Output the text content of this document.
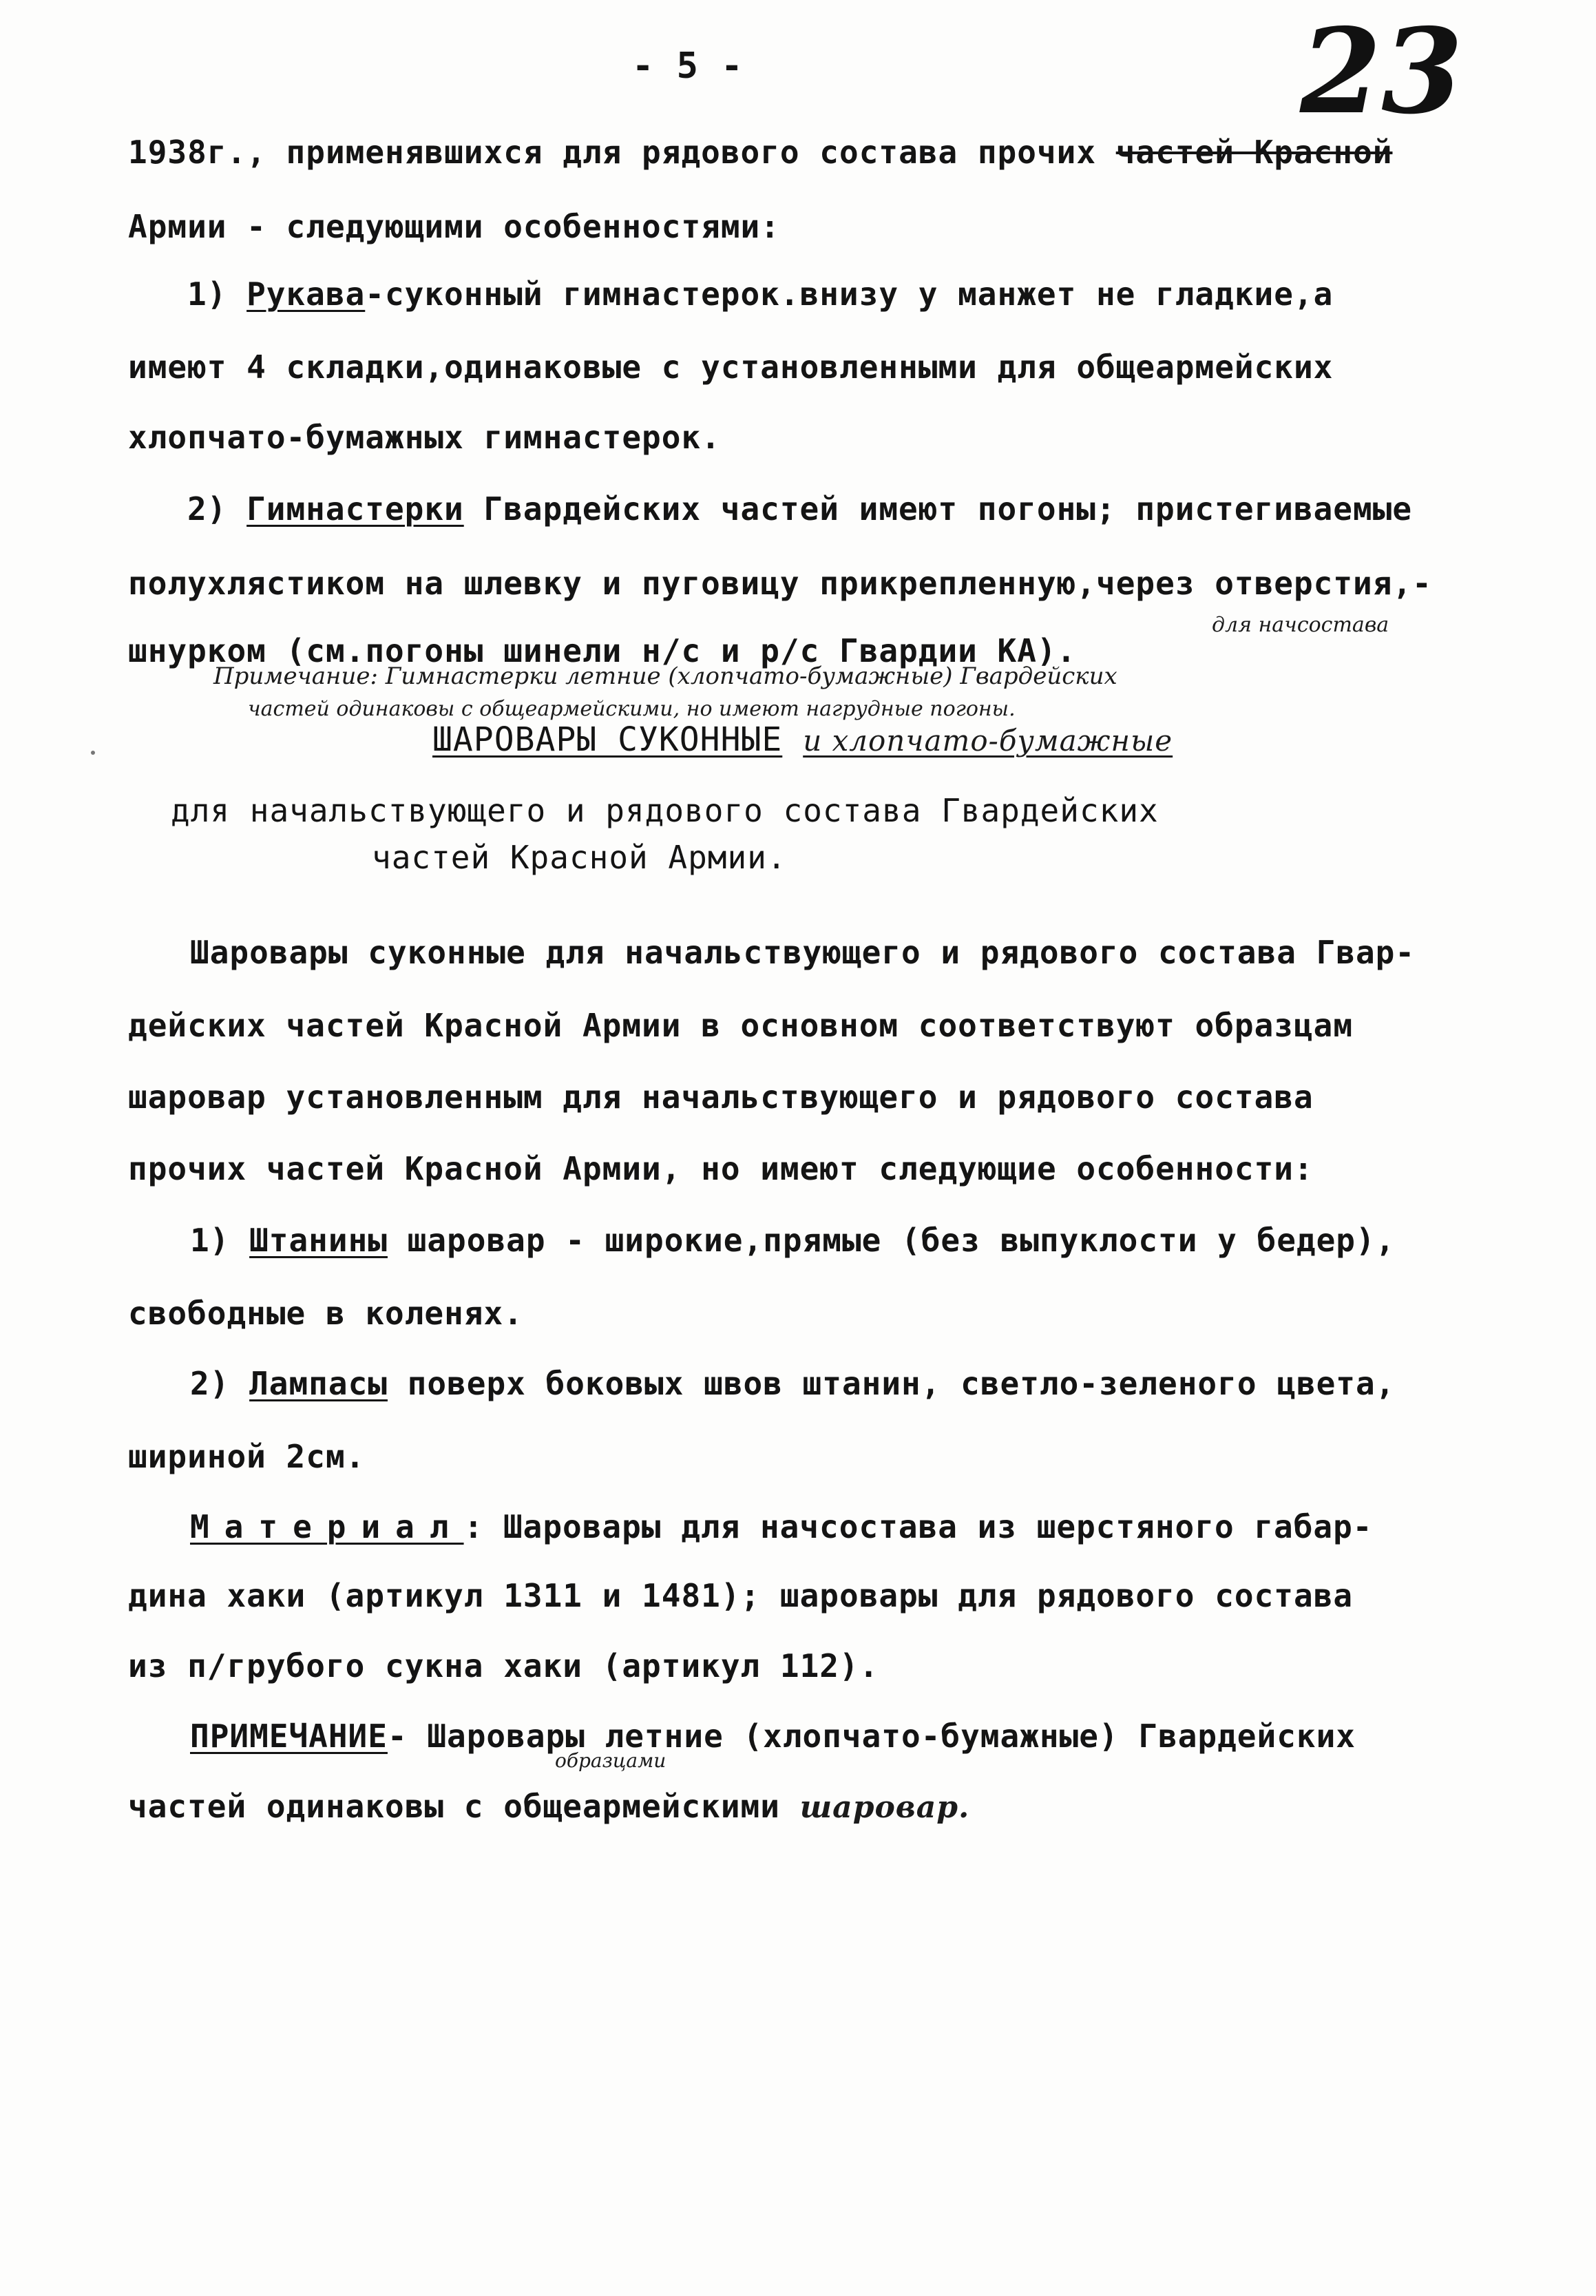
- 5 -	23
1938г., применявшихся для рядового состава прочих частей Красной
Армии - следующими особенностями:
1) Рукава-суконный гимнастерок.внизу у манжет не гладкие,а
имеют 4 складки,одинаковые с установленными для общеармейских
хлопчато-бумажных гимнастерок.
2) Гимнастерки Гвардейских частей имеют погоны; пристегиваемые
полухлястиком на шлевку и пуговицу прикрепленную,через отверстия,-
шнурком (см.погоны шинели н/с и р/с Гвардии КА).
для начсостава
Примечание: Гимнастерки летние (хлопчато-бумажные) Гвардейских
частей одинаковы с общеармейскими, но имеют нагрудные погоны.
ШАРОВАРЫ СУКОННЫЕ и хлопчато-бумажные
для начальствующего и рядового состава Гвардейских
частей Красной Армии.
Шаровары суконные для начальствующего и рядового состава Гвар-
дейских частей Красной Армии в основном соответствуют образцам
шаровар установленным для начальствующего и рядового состава
прочих частей Красной Армии, но имеют следующие особенности:
1) Штанины шаровар - широкие,прямые (без выпуклости у бедер),
свободные в коленях.
2) Лампасы поверх боковых швов штанин, светло-зеленого цвета,
шириной 2см.
Материал: Шаровары для начсостава из шерстяного габар-
дина хаки (артикул 1311 и 1481); шаровары для рядового состава
из п/грубого сукна хаки (артикул 112).
ПРИМЕЧАНИЕ- Шаровары летние (хлопчато-бумажные) Гвардейских
образцами
частей одинаковы с общеармейскими шаровар.
